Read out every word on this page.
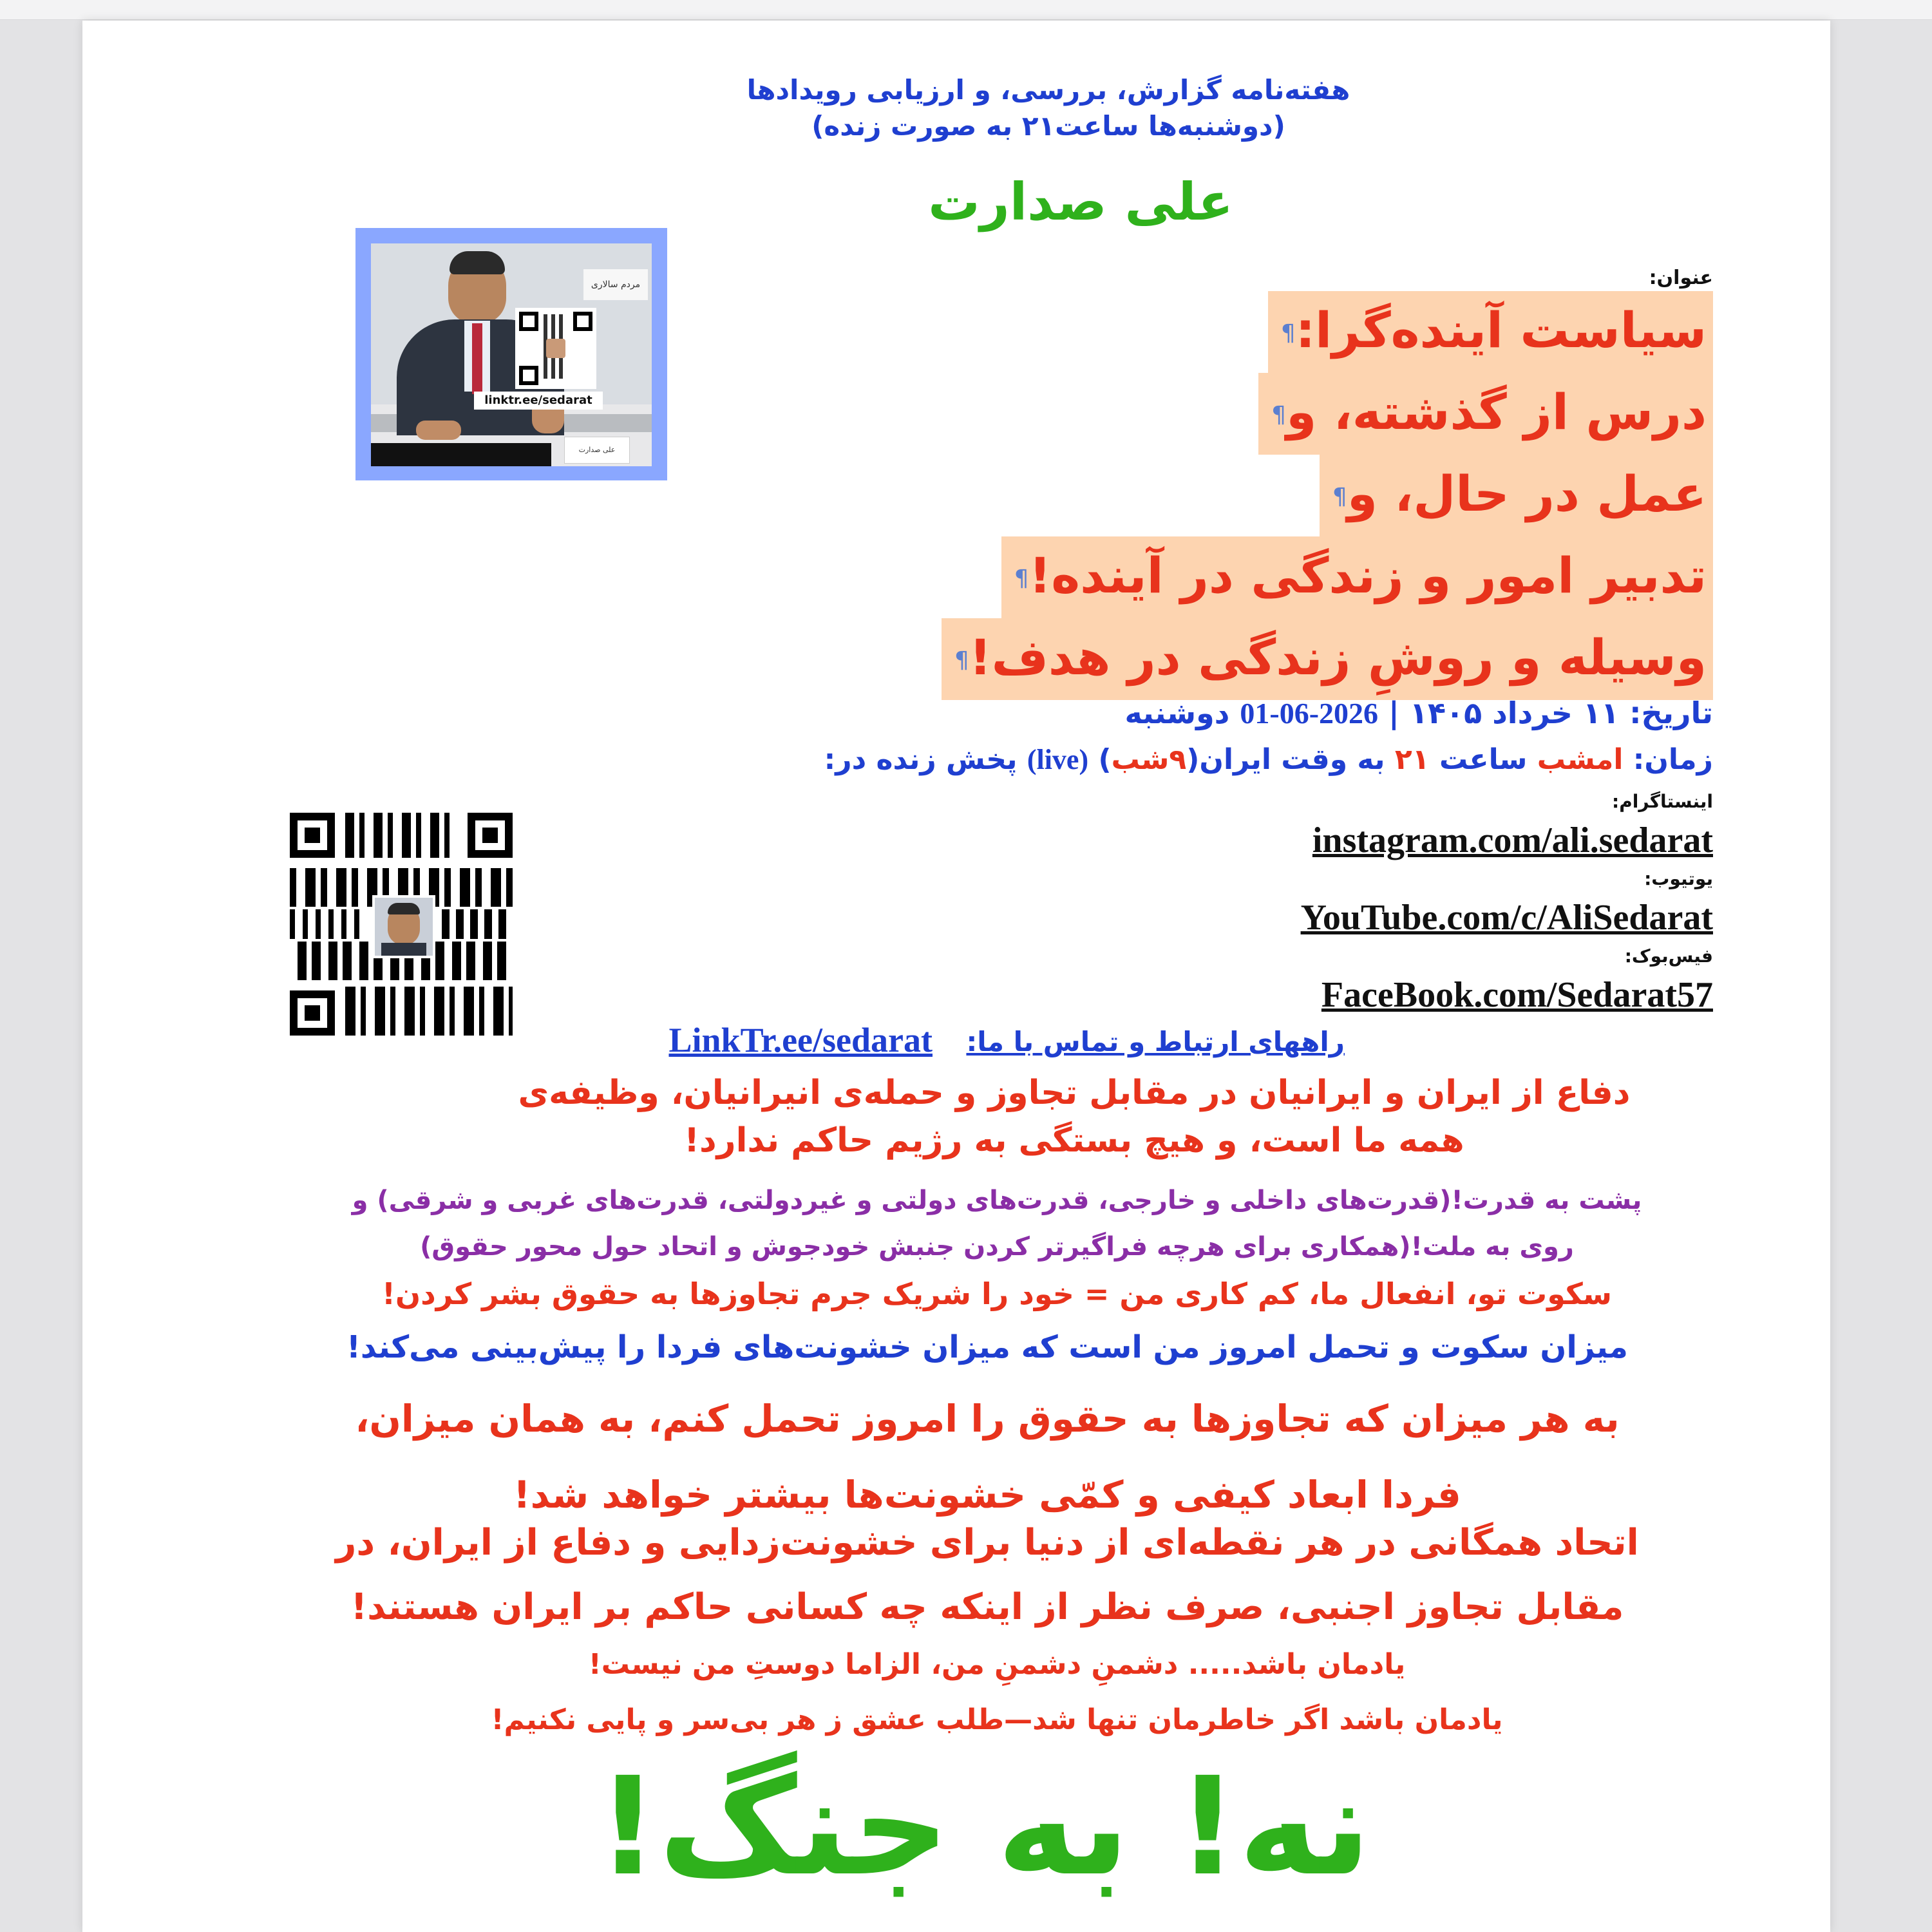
هفته‌نامه گزارش، بررسی، و ارزیابی رویدادها
(دوشنبه‌ها ساعت۲۱ به صورت زنده)
علی صدارت
مردم سالاری
علی صدارت
linktr.ee/sedarat
عنوان:
سیاست آینده‌گرا:¶
درس از گذشته، و¶
عمل در حال، و¶
تدبیر امور و زندگی در آینده!¶
وسیله و روشِ زندگی در هدف!¶
تاریخ: ۱۱ خرداد ۱۴۰۵ | 2026-06-01 دوشنبه
زمان: امشب ساعت ۲۱ به وقت ایران(۹شب) (live) پخش زنده در:
اینستاگرام:
instagram.com/ali.sedarat
یوتیوب:
YouTube.com/c/AliSedarat
فیس‌بوک:
FaceBook.com/Sedarat57
راههای ارتباط و تماس با ما:
LinkTr.ee/sedarat
دفاع از ایران و ایرانیان در مقابل تجاوز و حمله‌ی انیرانیان، وظیفه‌ی
همه ما است، و هیچ بستگی به رژیم حاکم ندارد!
پشت به قدرت!(قدرت‌های داخلی و خارجی، قدرت‌های دولتی و غیردولتی، قدرت‌های غربی و شرقی) و
روی به ملت!(همکاری برای هرچه فراگیرتر کردن جنبش خودجوش و اتحاد حول محور حقوق)
سکوت تو، انفعال ما، کم کاری من = خود را شریک جرم تجاوزها به حقوق بشر کردن!
میزان سکوت و تحمل امروز من است که میزان خشونت‌های فردا را پیش‌بینی می‌کند!
به هر میزان که تجاوزها به حقوق را امروز تحمل کنم، به همان میزان،
فردا ابعاد کیفی و کمّی خشونت‌ها بیشتر خواهد شد!
اتحاد همگانی در هر نقطه‌ای از دنیا برای خشونت‌زدایی و دفاع از ایران، در
مقابل تجاوز اجنبی، صرف نظر از اینکه چه کسانی حاکم بر ایران هستند!
یادمان باشد..... دشمنِ دشمنِ من، الزاما دوستِ من نیست!
یادمان باشد اگر خاطرمان تنها شد—طلب عشق ز هر بی‌سر و پایی نکنیم!
نه! به جنگ!
